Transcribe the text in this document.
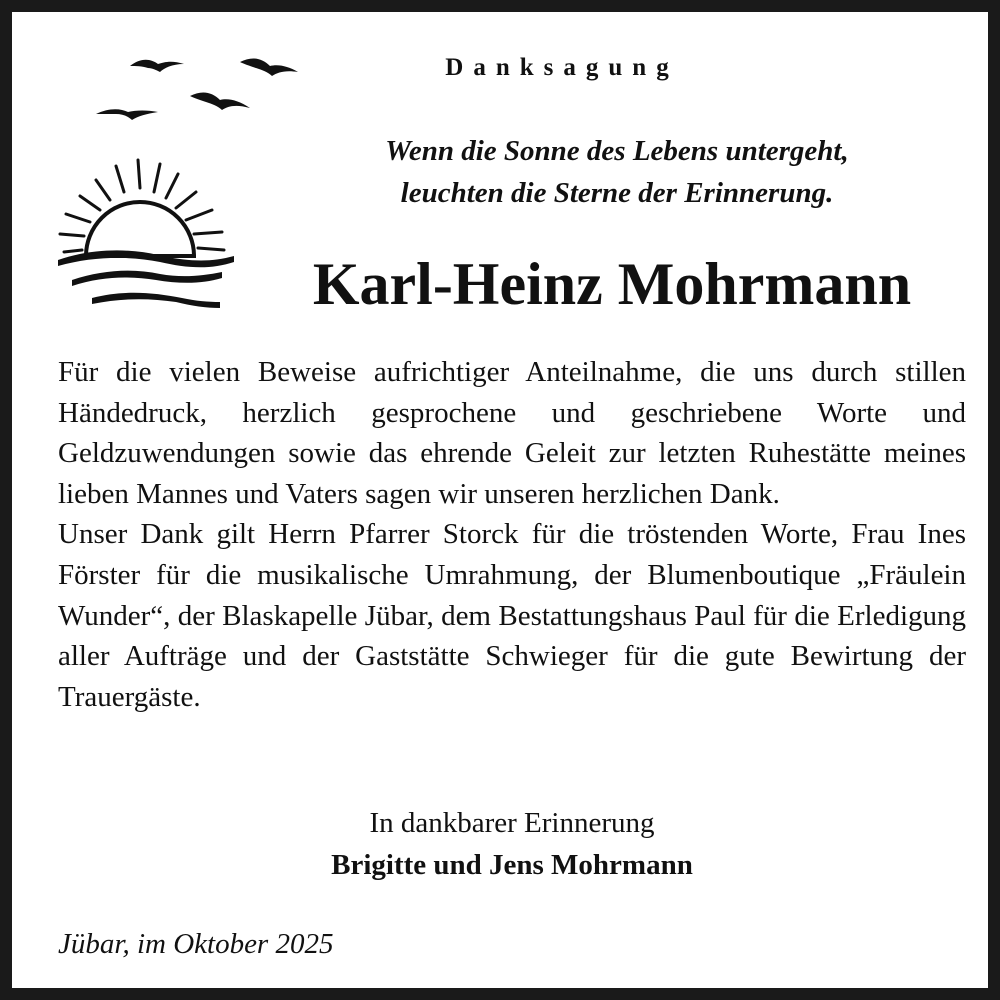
Danksagung
Wenn die Sonne des Lebens untergeht,
leuchten die Sterne der Erinnerung.
Karl-Heinz Mohrmann

Für die vielen Beweise aufrichtiger Anteilnahme, die uns durch stillen Händedruck, herzlich gesprochene und geschriebene Worte und Geldzuwendungen sowie das ehrende Geleit zur letzten Ruhestätte meines lieben Mannes und Vaters sagen wir unseren herzlichen Dank.

Unser Dank gilt Herrn Pfarrer Storck für die tröstenden Worte, Frau Ines Förster für die musikalische Umrahmung, der Blumenboutique „Fräulein Wunder“, der Blaskapelle Jübar, dem Bestattungshaus Paul für die Erledigung aller Aufträge und der Gaststätte Schwieger für die gute Bewirtung der Trauergäste.

In dankbarer Erinnerung
Brigitte und Jens Mohrmann
Jübar, im Oktober 2025
